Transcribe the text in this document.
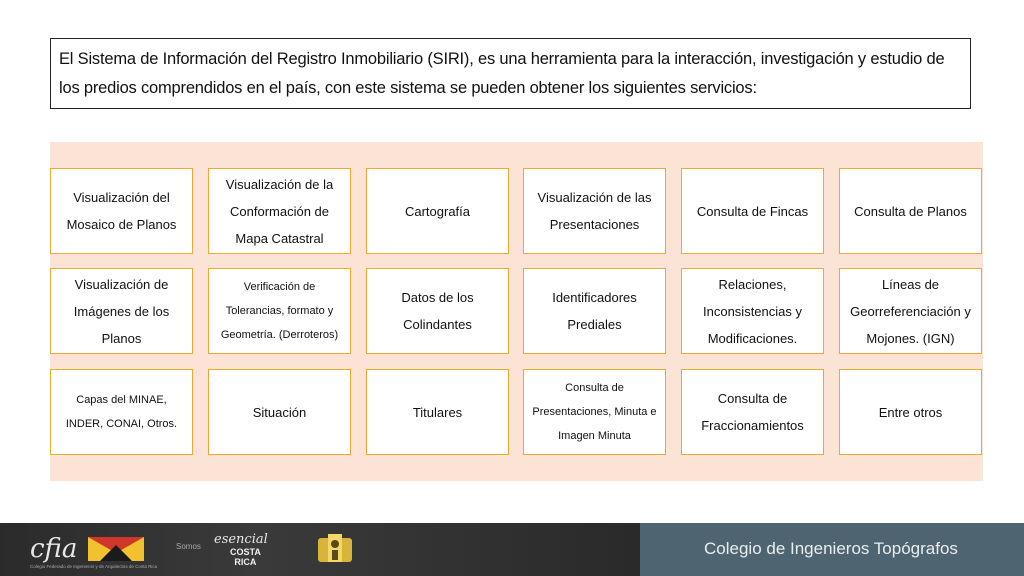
El Sistema de Información del Registro Inmobiliario (SIRI), es una herramienta para la interacción, investigación y estudio de los predios comprendidos en el país, con este sistema se pueden obtener los siguientes servicios:
Visualización del Mosaico de Planos
Visualización de la Conformación de Mapa Catastral
Cartografía
Visualización de las Presentaciones
Consulta de Fincas	Consulta de Planos
Visualización de Imágenes de los Planos
Verificación de Tolerancias, formato y Geometría. (Derroteros)
Datos de los Colindantes
Identificadores Prediales
Relaciones, Inconsistencias y Modificaciones.
Líneas de Georreferenciación y Mojones. (IGN)
Capas del MINAE, INDER, CONAI, Otros.
Situación	Titulares
Consulta de Presentaciones, Minuta e Imagen Minuta
Consulta de Fraccionamientos
Entre otros
cfia
Colegio Federado de Ingenieros y de Arquitectos de Costa Rica
Somos esencial
COSTA
RICA
Colegio de Ingenieros Topógrafos
